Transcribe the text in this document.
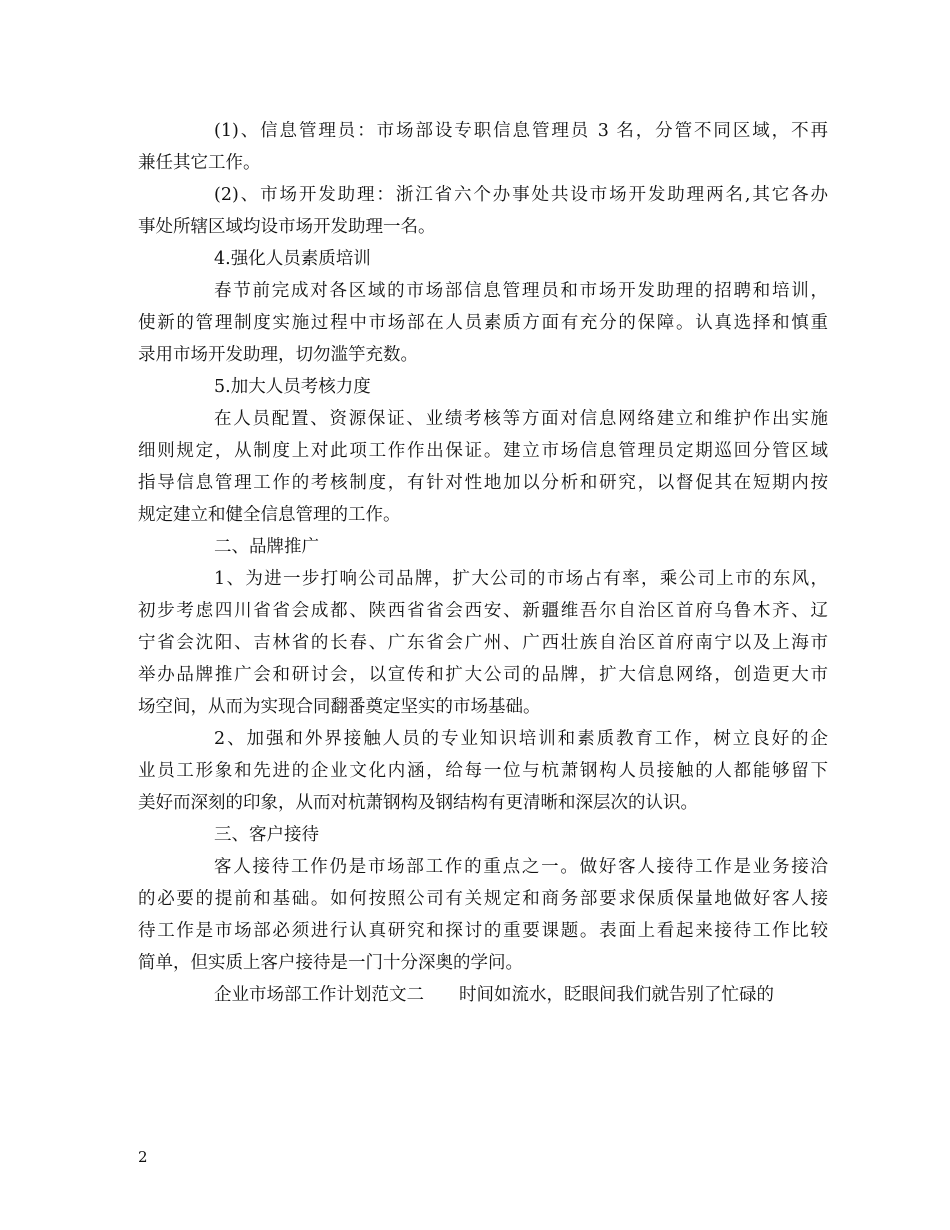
(1)、信息管理员：市场部设专职信息管理员 3 名，分管不同区域，不再
兼任其它工作。
(2)、市场开发助理：浙江省六个办事处共设市场开发助理两名,其它各办
事处所辖区域均设市场开发助理一名。
4.强化人员素质培训
春节前完成对各区域的市场部信息管理员和市场开发助理的招聘和培训，
使新的管理制度实施过程中市场部在人员素质方面有充分的保障。认真选择和慎重
录用市场开发助理，切勿滥竽充数。
5.加大人员考核力度
在人员配置、资源保证、业绩考核等方面对信息网络建立和维护作出实施
细则规定，从制度上对此项工作作出保证。建立市场信息管理员定期巡回分管区域
指导信息管理工作的考核制度，有针对性地加以分析和研究，以督促其在短期内按
规定建立和健全信息管理的工作。
二、品牌推广
1、为进一步打响公司品牌，扩大公司的市场占有率，乘公司上市的东风，
初步考虑四川省省会成都、陕西省省会西安、新疆维吾尔自治区首府乌鲁木齐、辽
宁省会沈阳、吉林省的长春、广东省会广州、广西壮族自治区首府南宁以及上海市
举办品牌推广会和研讨会，以宣传和扩大公司的品牌，扩大信息网络，创造更大市
场空间，从而为实现合同翻番奠定坚实的市场基础。
2、加强和外界接触人员的专业知识培训和素质教育工作，树立良好的企
业员工形象和先进的企业文化内涵，给每一位与杭萧钢构人员接触的人都能够留下
美好而深刻的印象，从而对杭萧钢构及钢结构有更清晰和深层次的认识。
三、客户接待
客人接待工作仍是市场部工作的重点之一。做好客人接待工作是业务接洽
的必要的提前和基础。如何按照公司有关规定和商务部要求保质保量地做好客人接
待工作是市场部必须进行认真研究和探讨的重要课题。表面上看起来接待工作比较
简单，但实质上客户接待是一门十分深奥的学问。
企业市场部工作计划范文二　　时间如流水，眨眼间我们就告别了忙碌的
2
